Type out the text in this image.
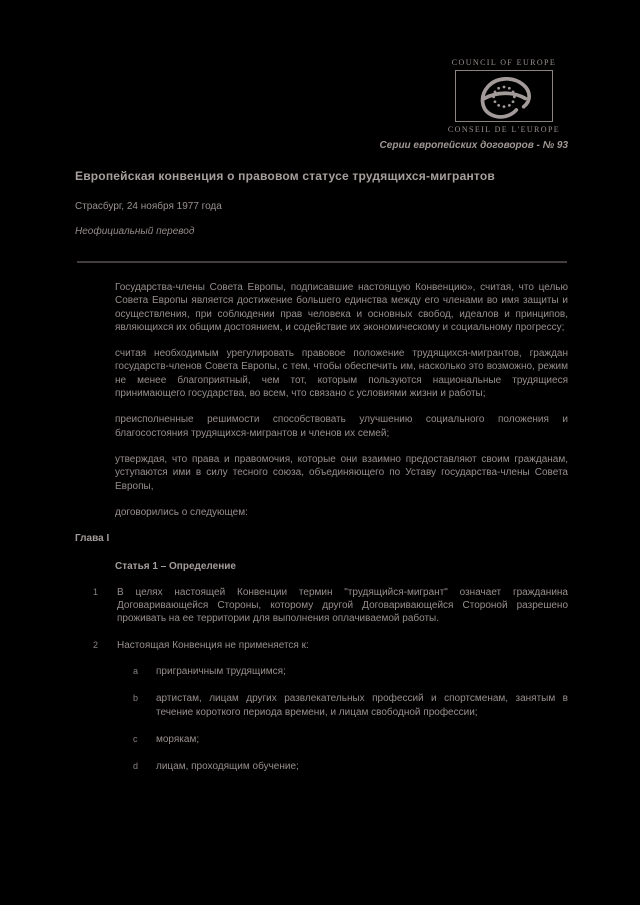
COUNCIL OF EUROPE
CONSEIL DE L'EUROPE
Серии европейских договоров - № 93
Европейская конвенция о правовом статусе трудящихся-мигрантов
Страсбург, 24 ноября 1977 года
Неофициальный перевод

Государства-члены Совета Европы, подписавшие настоящую Конвенцию», считая, что целью Совета Европы является достижение большего единства между его членами во имя защиты и осуществления, при соблюдении прав человека и основных свобод, идеалов и принципов, являющихся их общим достоянием, и содействие их экономическому и социальному прогрессу;

считая необходимым урегулировать правовое положение трудящихся-мигрантов, граждан государств-членов Совета Европы, с тем, чтобы обеспечить им, насколько это возможно, режим не менее благоприятный, чем тот, которым пользуются национальные трудящиеся принимающего государства, во всем, что связано с условиями жизни и работы;

преисполненные решимости способствовать улучшению социального положения и благосостояния трудящихся-мигрантов и членов их семей;

утверждая, что права и правомочия, которые они взаимно предоставляют своим гражданам, уступаются ими в силу тесного союза, объединяющего по Уставу государства-члены Совета Европы,

договорились о следующем:

Глава I
Статья 1 – Определение
1	В целях настоящей Конвенции термин "трудящийся-мигрант" означает гражданина Договаривающейся Стороны, которому другой Договаривающейся Стороной разрешено проживать на ее территории для выполнения оплачиваемой работы.
2	Настоящая Конвенция не применяется к:
a	приграничным трудящимся;
b	артистам, лицам других развлекательных профессий и спортсменам, занятым в течение короткого периода времени, и лицам свободной профессии;
c	морякам;
d	лицам, проходящим обучение;
